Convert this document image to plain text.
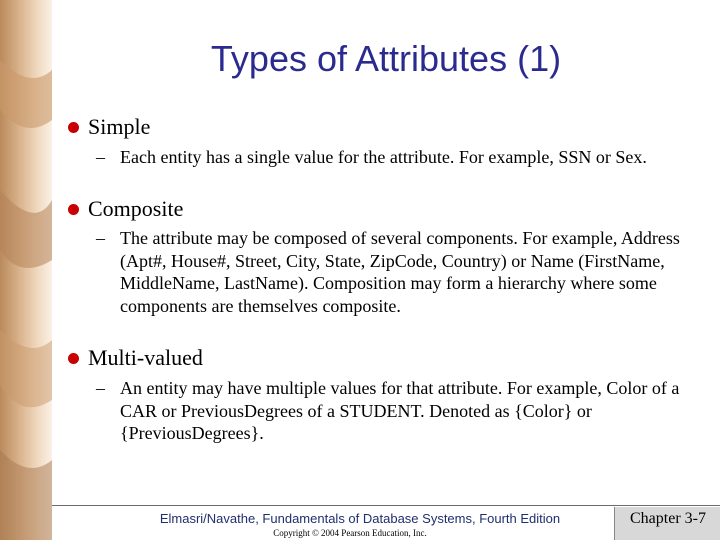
Types of Attributes (1)
Simple
– Each entity has a single value for the attribute. For example, SSN or Sex.
Composite
– The attribute may be composed of several components. For example, Address (Apt#, House#, Street, City, State, ZipCode, Country) or Name (FirstName, MiddleName, LastName). Composition may form a hierarchy where some components are themselves composite.
Multi-valued
– An entity may have multiple values for that attribute. For example, Color of a CAR or PreviousDegrees of a STUDENT. Denoted as {Color} or {PreviousDegrees}.
Elmasri/Navathe, Fundamentals of Database Systems, Fourth Edition
Copyright © 2004 Pearson Education, Inc.
Chapter 3-7
